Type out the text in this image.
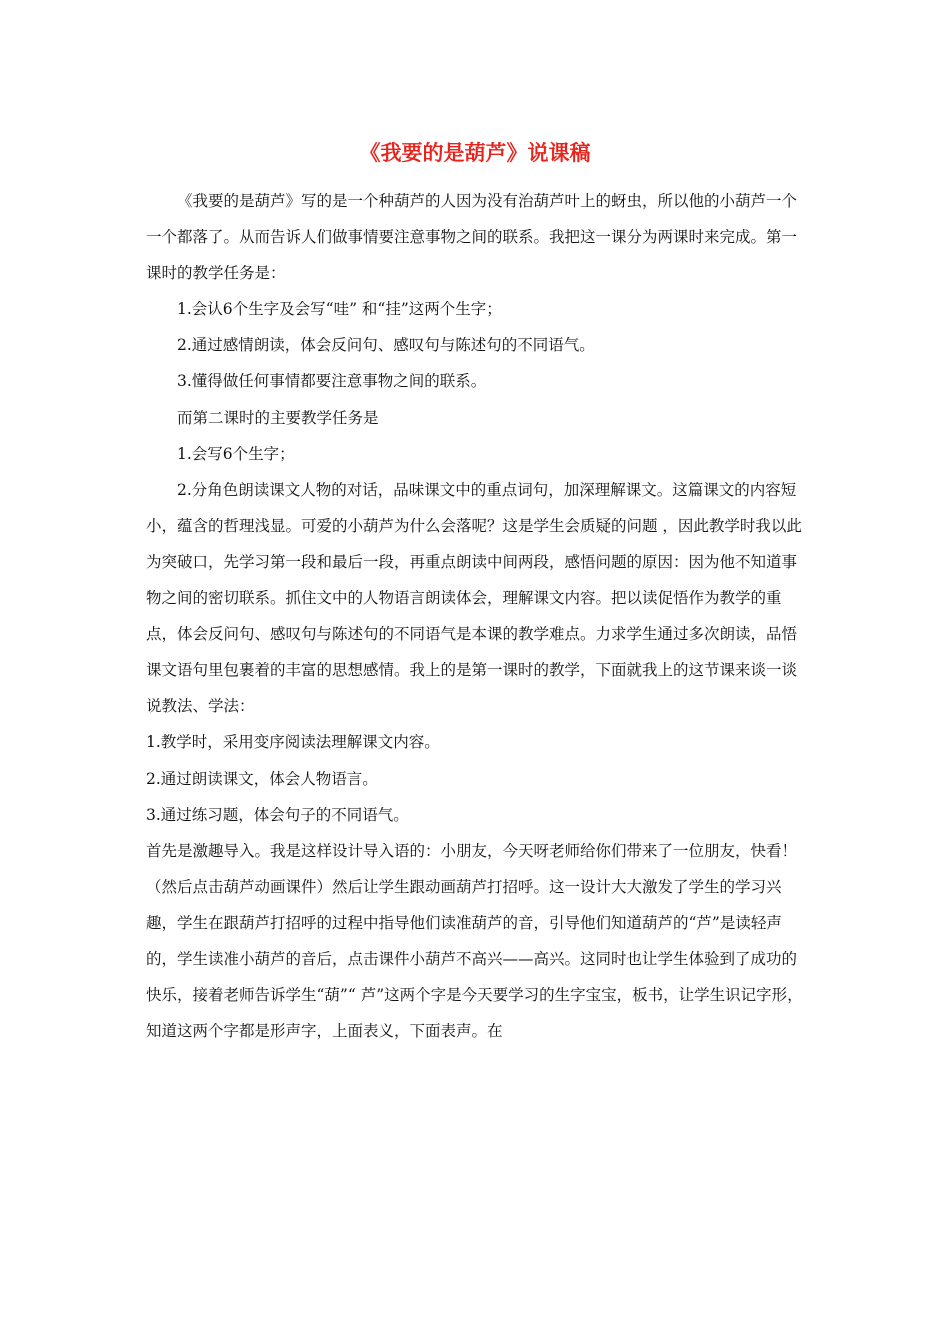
《我要的是葫芦》说课稿

《我要的是葫芦》写的是一个种葫芦的人因为没有治葫芦叶上的蚜虫，所以他的小葫芦一个一个都落了。从而告诉人们做事情要注意事物之间的联系。我把这一课分为两课时来完成。第一课时的教学任务是：

1.会认6个生字及会写“哇” 和“挂”这两个生字；

2.通过感情朗读，体会反问句、感叹句与陈述句的不同语气。

3.懂得做任何事情都要注意事物之间的联系。

而第二课时的主要教学任务是

1.会写6个生字；

2.分角色朗读课文人物的对话，品味课文中的重点词句，加深理解课文。这篇课文的内容短小，蕴含的哲理浅显。可爱的小葫芦为什么会落呢？这是学生会质疑的问题 ，因此教学时我以此为突破口，先学习第一段和最后一段，再重点朗读中间两段，感悟问题的原因：因为他不知道事物之间的密切联系。抓住文中的人物语言朗读体会，理解课文内容。把以读促悟作为教学的重点，体会反问句、感叹句与陈述句的不同语气是本课的教学难点。力求学生通过多次朗读，品悟课文语句里包裹着的丰富的思想感情。我上的是第一课时的教学，下面就我上的这节课来谈一谈

说教法、学法：

1.教学时，采用变序阅读法理解课文内容。

2.通过朗读课文，体会人物语言。

3.通过练习题，体会句子的不同语气。

首先是激趣导入。我是这样设计导入语的：小朋友，今天呀老师给你们带来了一位朋友，快看！（然后点击葫芦动画课件）然后让学生跟动画葫芦打招呼。这一设计大大激发了学生的学习兴趣，学生在跟葫芦打招呼的过程中指导他们读准葫芦的音，引导他们知道葫芦的“芦”是读轻声的，学生读准小葫芦的音后，点击课件小葫芦不高兴——高兴。这同时也让学生体验到了成功的快乐，接着老师告诉学生“葫”“ 芦”这两个字是今天要学习的生字宝宝，板书，让学生识记字形，知道这两个字都是形声字，上面表义，下面表声。在
